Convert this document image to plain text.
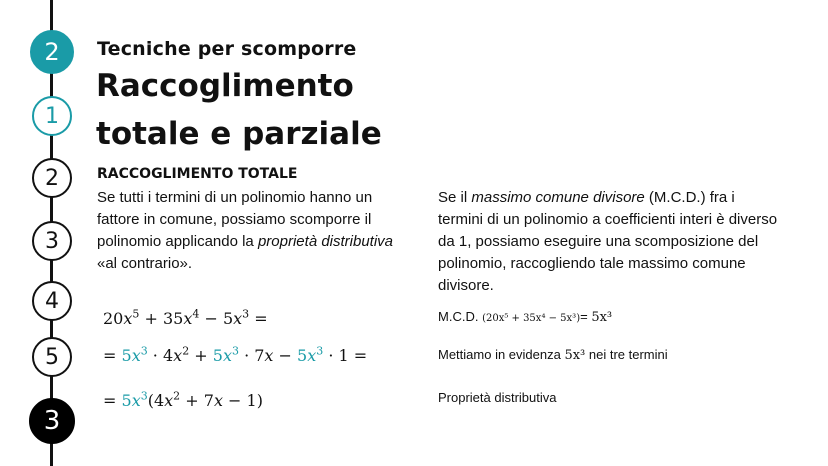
2
1
2
3
4
5
3
Tecniche per scomporre
Raccoglimento totale e parziale
RACCOGLIMENTO TOTALE
Se tutti i termini di un polinomio hanno un fattore in comune, possiamo scomporre il polinomio applicando la proprietà distributiva «al contrario».
Se il massimo comune divisore (M.C.D.) fra i termini di un polinomio a coefficienti interi è diverso da 1, possiamo eseguire una scomposizione del polinomio, raccogliendo tale massimo comune divisore.
$20x^5 + 35x^4 - 5x^3$ =
= $5x^3 \cdot 4x^2 + 5x^3 \cdot 7x - 5x^3 \cdot 1$ =
= $5x^3(4x^2 + 7x - 1)$
M.C.D. (20x⁵ + 35x⁴ − 5x³)= 5x³
Mettiamo in evidenza 5x³ nei tre termini
Proprietà distributiva
